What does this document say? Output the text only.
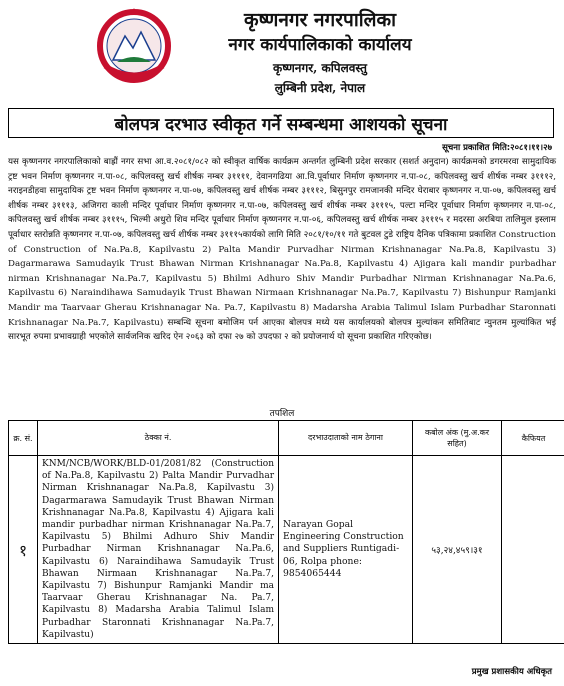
कृष्णनगर नगरपालिका
नगर कार्यपालिकाको कार्यालय
कृष्णनगर, कपिलवस्तु
लुम्बिनी प्रदेश, नेपाल
बोलपत्र दरभाउ स्वीकृत गर्ने सम्बन्धमा आशयको सूचना
सूचना प्रकाशित मिति:२०८१।११।२७
यस कृष्णनगर नगरपालिकाको बाह्रौं नगर सभा आ.व.२०८१/०८२ को स्वीकृत वार्षिक कार्यक्रम अन्तर्गत लुम्बिनी प्रदेश सरकार (सशर्त अनुदान) कार्यक्रमको डगरमरवा सामुदायिक ट्रष्ट भवन निर्माण कृष्णनगर न.पा-०८, कपिलवस्तु खर्च शीर्षक नम्बर ३११११, देवानगढिया आ.वि.पूर्वाधार निर्माण कृष्णनगर न.पा-०८, कपिलवस्तु खर्च शीर्षक नम्बर ३१११२, नराइनडीहवा सामुदायिक ट्रष्ट भवन निर्माण कृष्णनगर न.पा-०७, कपिलवस्तु खर्च शीर्षक नम्बर ३१११२, बिसुनपुर रामजानकी मन्दिर घेराबार कृष्णनगर न.पा-०७, कपिलवस्तु खर्च शीर्षक नम्बर ३१११३, अजिगरा काली मन्दिर पूर्वाधार निर्माण कृष्णनगर न.पा-०७, कपिलवस्तु खर्च शीर्षक नम्बर ३१११५, पल्टा मन्दिर पूर्वाधार निर्माण कृष्णनगर न.पा-०८, कपिलवस्तु खर्च शीर्षक नम्बर ३१११५, भिल्मी अधुरो शिव मन्दिर पूर्वाधार निर्माण कृष्णनगर न.पा-०६, कपिलवस्तु खर्च शीर्षक नम्बर ३१११५ र मदरसा अरबिया तालिमुल इस्लाम पूर्वाधार स्तरोन्नति कृष्णनगर न.पा-०७, कपिलवस्तु खर्च शीर्षक नम्बर ३१११५कार्यको लागि मिति २०८१/१०/११ गते बुटवल टुडे राष्ट्रिय दैनिक पत्रिकामा प्रकाशित Construction of Construction of Na.Pa.8, Kapilvastu 2) Palta Mandir Purvadhar Nirman Krishnanagar Na.Pa.8, Kapilvastu 3) Dagarmarawa Samudayik Trust Bhawan Nirman Krishnanagar Na.Pa.8, Kapilvastu 4) Ajigara kali mandir purbadhar nirman Krishnanagar Na.Pa.7, Kapilvastu 5) Bhilmi Adhuro Shiv Mandir Purbadhar Nirman Krishnanagar Na.Pa.6, Kapilvastu 6) Naraindihawa Samudayik Trust Bhawan Nirmaan Krishnanagar Na.Pa.7, Kapilvastu 7) Bishunpur Ramjanki Mandir ma Taarvaar Gherau Krishnanagar Na. Pa.7, Kapilvastu 8) Madarsha Arabia Talimul Islam Purbadhar Staronnati Krishnanagar Na.Pa.7, Kapilvastu) सम्बन्धि सूचना बमोजिम पर्न आएका बोलपत्र मध्ये यस कार्यालयको बोलपत्र मुल्यांकन समितिबाट न्युनतम मुल्यांकित भई सारभूत रुपमा प्रभावग्राही भएकोले सार्वजनिक खरिद ऐन २०६३ को दफा २७ को उपदफा २ को प्रयोजनार्थ यो सूचना प्रकाशित गरिएकोछ।
तपशिल
क्र. सं.	ठेक्का नं.	दरभाउदाताको नाम ठेगाना	कबोल अंक (मु.अ.कर सहित)	कैफियत
१	KNM/NCB/WORK/BLD-01/2081/82 (Construction of Na.Pa.8, Kapilvastu 2) Palta Mandir Purvadhar Nirman Krishnanagar Na.Pa.8, Kapilvastu 3) Dagarmarawa Samudayik Trust Bhawan Nirman Krishnanagar Na.Pa.8, Kapilvastu 4) Ajigara kali mandir purbadhar nirman Krishnanagar Na.Pa.7, Kapilvastu 5) Bhilmi Adhuro Shiv Mandir Purbadhar Nirman Krishnanagar Na.Pa.6, Kapilvastu 6) Naraindihawa Samudayik Trust Bhawan Nirmaan Krishnanagar Na.Pa.7, Kapilvastu 7) Bishunpur Ramjanki Mandir ma Taarvaar Gherau Krishnanagar Na. Pa.7, Kapilvastu 8) Madarsha Arabia Talimul Islam Purbadhar Staronnati Krishnanagar Na.Pa.7, Kapilvastu)	Narayan Gopal Engineering Construction and Suppliers Runtigadi-06, Rolpa phone: 9854065444	५३,२४,४५९।३१	
प्रमुख प्रशासकीय अधिकृत
